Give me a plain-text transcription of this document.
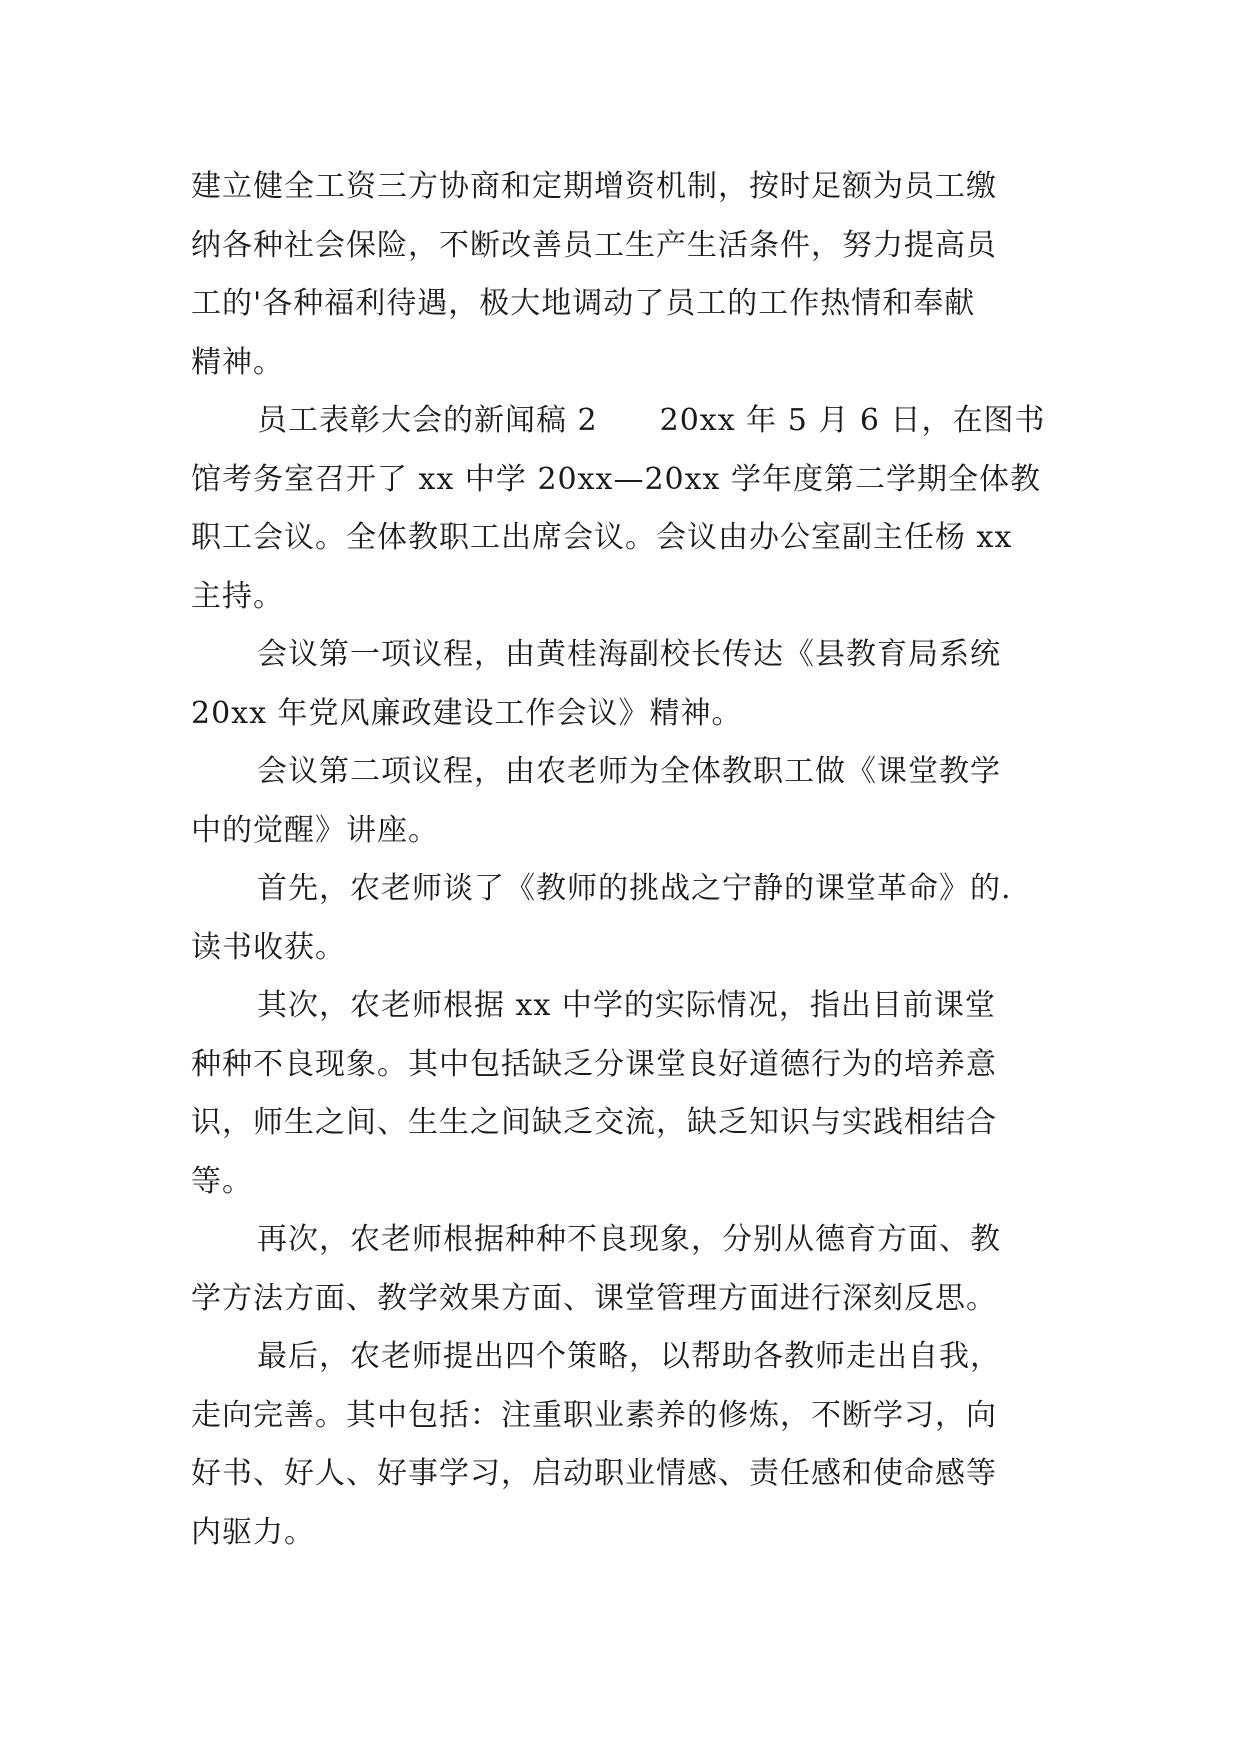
建立健全工资三方协商和定期增资机制，按时足额为员工缴
纳各种社会保险，不断改善员工生产生活条件，努力提高员
工的'各种福利待遇，极大地调动了员工的工作热情和奉献
精神。

员工表彰大会的新闻稿 2　　20xx 年 5 月 6 日，在图书
馆考务室召开了 xx 中学 20xx—20xx 学年度第二学期全体教
职工会议。全体教职工出席会议。会议由办公室副主任杨 xx
主持。

会议第一项议程，由黄桂海副校长传达《县教育局系统
20xx 年党风廉政建设工作会议》精神。

会议第二项议程，由农老师为全体教职工做《课堂教学
中的觉醒》讲座。

首先，农老师谈了《教师的挑战之宁静的课堂革命》的.
读书收获。

其次，农老师根据 xx 中学的实际情况，指出目前课堂
种种不良现象。其中包括缺乏分课堂良好道德行为的培养意
识，师生之间、生生之间缺乏交流，缺乏知识与实践相结合
等。

再次，农老师根据种种不良现象，分别从德育方面、教
学方法方面、教学效果方面、课堂管理方面进行深刻反思。

最后，农老师提出四个策略，以帮助各教师走出自我，
走向完善。其中包括：注重职业素养的修炼，不断学习，向
好书、好人、好事学习，启动职业情感、责任感和使命感等
内驱力。
